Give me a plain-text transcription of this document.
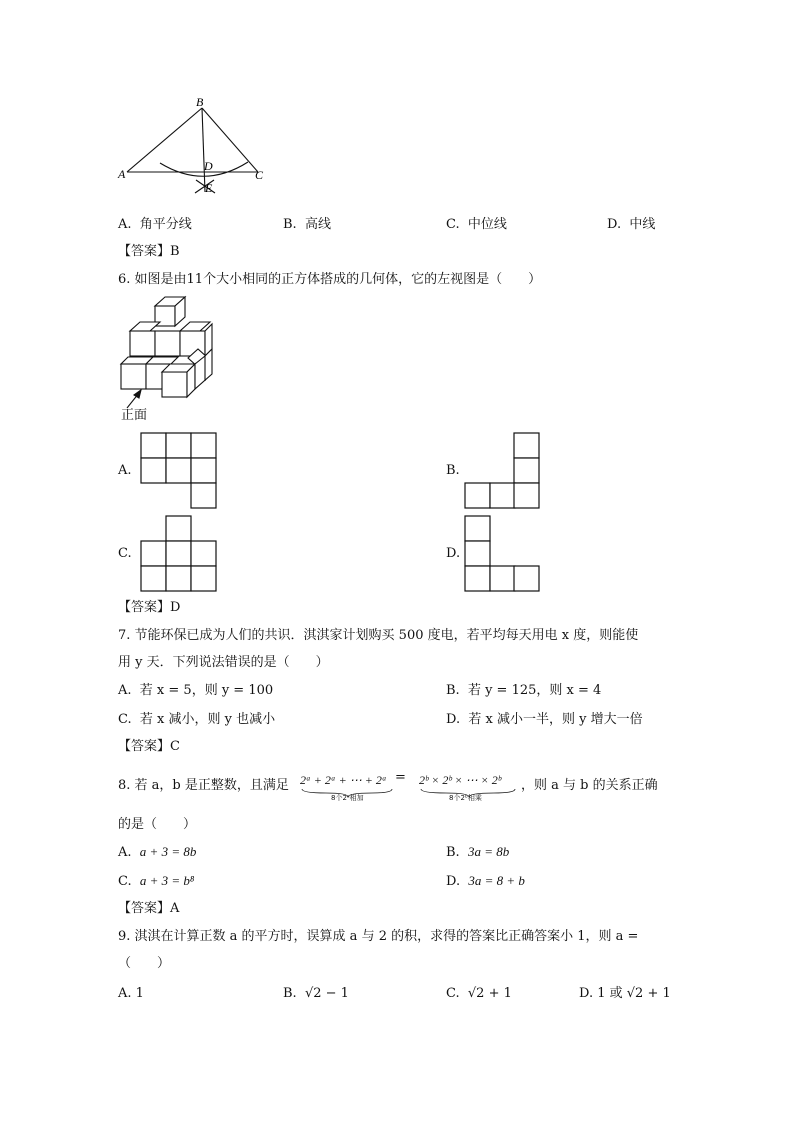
B
A
D
C
E
A. 角平分线	B. 高线	C. 中位线	D. 中线
【答案】B
6. 如图是由11个大小相同的正方体搭成的几何体，它的左视图是（　　）
正面
A.	B.
C.	D.
【答案】D
7. 节能环保已成为人们的共识．淇淇家计划购买 500 度电，若平均每天用电 x 度，则能使
用 y 天．下列说法错误的是（　　）
A. 若 x = 5，则 y = 100	B. 若 y = 125，则 x = 4
C. 若 x 减小，则 y 也减小	D. 若 x 减小一半，则 y 增大一倍
【答案】C
8. 若 a，b 是正整数，且满足 2ᵃ + 2ᵃ + ⋯ + 2ᵃ = 2ᵇ × 2ᵇ × ⋯ × 2ᵇ
8个2ᵃ相加	8个2ᵇ相乘
，则 a 与 b 的关系正确
的是（　　）
A. a + 3 = 8b	B. 3a = 8b
C. a + 3 = b⁸	D. 3a = 8 + b
【答案】A
9. 淇淇在计算正数 a 的平方时，误算成 a 与 2 的积，求得的答案比正确答案小 1，则 a =
（　　）
A. 1	B. √2 − 1	C. √2 + 1	D. 1 或 √2 + 1
